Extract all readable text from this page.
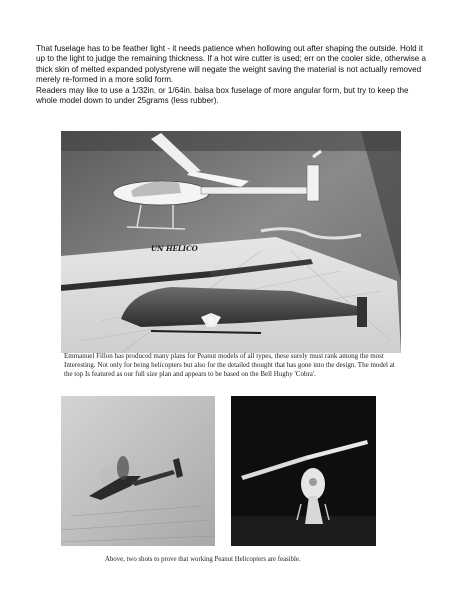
That fuselage has to be feather light - it needs patience when hollowing out after shaping the outside. Hold it up to the light to judge the remaining thickness. If a hot wire cutter is used; err on the cooler side, otherwise a thick skin of melted expanded polystyrene will negate the weight saving the material is not actually removed merely re-formed in a more solid form.

Readers may like to use a 1/32in. or 1/64in. balsa box fuselage of more angular form, but try to keep the whole model down to under 25grams (less rubber).

UN HELICO

Emmanuel Fillon has produced many plans for Peanut models of all types, these surely must rank among the most Interesting. Not only for being helicopters but also for the detailed thought that has gone into the design. The model at the top Is featured as our full size plan and appears to be based on the Bell Hughy 'Cobra'.

Above, two shots to prove that working Peanut Helicopters are feasible.
